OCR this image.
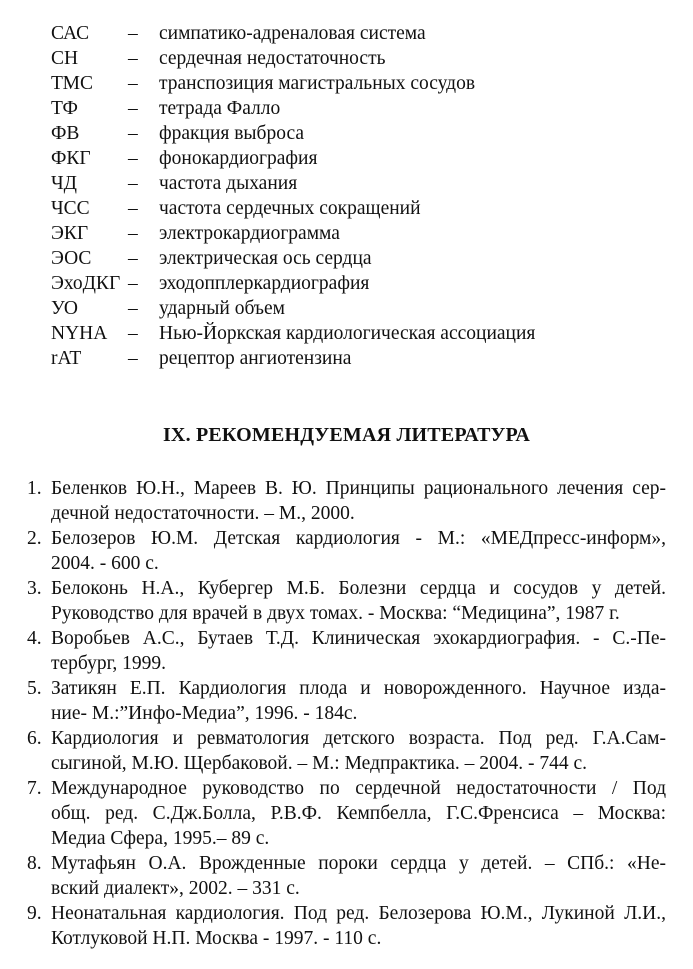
САС – симпатико-адреналовая система
СН	– сердечная недостаточность
ТМС – транспозиция магистральных сосудов
ТФ	– тетрада Фалло
ФВ – фракция выброса
ФКГ – фонокардиография
ЧД	– частота дыхания
ЧСС – частота сердечных сокращений
ЭКГ – электрокардиограмма
ЭОС – электрическая ось сердца
ЭхоДКГ – эходопплеркардиография
УО	– ударный объем
NYHA – Нью-Йоркская кардиологическая ассоциация
rAT – рецептор ангиотензина
IX. РЕКОМЕНДУЕМАЯ ЛИТЕРАТУРА
1. Беленков Ю.Н., Мареев В. Ю. Принципы рационального лечения сер-
дечной недостаточности. – М., 2000.
2. Белозеров Ю.М. Детская кардиология - М.: «МЕДпресс-информ»,
2004. - 600 с.
3. Белоконь Н.А., Кубергер М.Б. Болезни сердца и сосудов у детей.
Руководство для врачей в двух томах. - Москва: “Медицина”, 1987 г.
4. Воробьев А.С., Бутаев Т.Д. Клиническая эхокардиография. - С.-Пе-
тербург, 1999.
5. Затикян Е.П. Кардиология плода и новорожденного. Научное изда-
ние- М.:”Инфо-Медиа”, 1996. - 184с.
6. Кардиология и ревматология детского возраста. Под ред. Г.А.Сам-
сыгиной, М.Ю. Щербаковой. – М.: Медпрактика. – 2004. - 744 с.
7. Международное руководство по сердечной недостаточности / Под
общ. ред. С.Дж.Болла, Р.В.Ф. Кемпбелла, Г.С.Френсиса – Москва:
Медиа Сфера, 1995.– 89 с.
8. Мутафьян О.А. Врожденные пороки сердца у детей. – СПб.: «Не-
вский диалект», 2002. – 331 с.
9. Неонатальная кардиология. Под ред. Белозерова Ю.М., Лукиной Л.И.,
Котлуковой Н.П. Москва - 1997. - 110 с.
